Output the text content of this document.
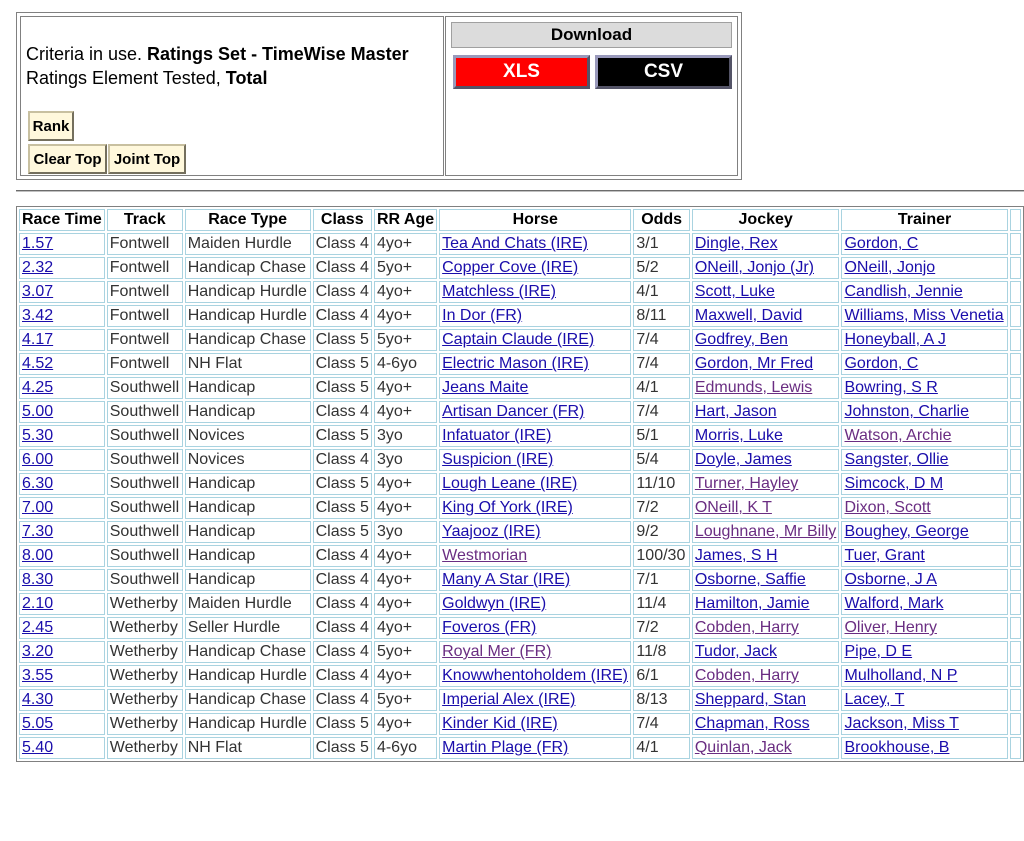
Criteria in use. Ratings Set - TimeWise Master
Ratings Element Tested, Total
Rank
Clear Top Joint Top
Download
XLS	CSV
Race Time	Track	Race Type	Class	RR Age	Horse	Odds	Jockey	Trainer	
1.57	Fontwell	Maiden Hurdle	Class 4	4yo+	Tea And Chats (IRE)	3/1	Dingle, Rex	Gordon, C	
2.32	Fontwell	Handicap Chase	Class 4	5yo+	Copper Cove (IRE)	5/2	ONeill, Jonjo (Jr)	ONeill, Jonjo	
3.07	Fontwell	Handicap Hurdle	Class 4	4yo+	Matchless (IRE)	4/1	Scott, Luke	Candlish, Jennie	
3.42	Fontwell	Handicap Hurdle	Class 4	4yo+	In Dor (FR)	8/11	Maxwell, David	Williams, Miss Venetia	
4.17	Fontwell	Handicap Chase	Class 5	5yo+	Captain Claude (IRE)	7/4	Godfrey, Ben	Honeyball, A J	
4.52	Fontwell	NH Flat	Class 5	4-6yo	Electric Mason (IRE)	7/4	Gordon, Mr Fred	Gordon, C	
4.25	Southwell	Handicap	Class 5	4yo+	Jeans Maite	4/1	Edmunds, Lewis	Bowring, S R	
5.00	Southwell	Handicap	Class 4	4yo+	Artisan Dancer (FR)	7/4	Hart, Jason	Johnston, Charlie	
5.30	Southwell	Novices	Class 5	3yo	Infatuator (IRE)	5/1	Morris, Luke	Watson, Archie	
6.00	Southwell	Novices	Class 4	3yo	Suspicion (IRE)	5/4	Doyle, James	Sangster, Ollie	
6.30	Southwell	Handicap	Class 5	4yo+	Lough Leane (IRE)	11/10	Turner, Hayley	Simcock, D M	
7.00	Southwell	Handicap	Class 5	4yo+	King Of York (IRE)	7/2	ONeill, K T	Dixon, Scott	
7.30	Southwell	Handicap	Class 5	3yo	Yaajooz (IRE)	9/2	Loughnane, Mr Billy	Boughey, George	
8.00	Southwell	Handicap	Class 4	4yo+	Westmorian	100/30	James, S H	Tuer, Grant	
8.30	Southwell	Handicap	Class 4	4yo+	Many A Star (IRE)	7/1	Osborne, Saffie	Osborne, J A	
2.10	Wetherby	Maiden Hurdle	Class 4	4yo+	Goldwyn (IRE)	11/4	Hamilton, Jamie	Walford, Mark	
2.45	Wetherby	Seller Hurdle	Class 4	4yo+	Foveros (FR)	7/2	Cobden, Harry	Oliver, Henry	
3.20	Wetherby	Handicap Chase	Class 4	5yo+	Royal Mer (FR)	11/8	Tudor, Jack	Pipe, D E	
3.55	Wetherby	Handicap Hurdle	Class 4	4yo+	Knowwhentoholdem (IRE)	6/1	Cobden, Harry	Mulholland, N P	
4.30	Wetherby	Handicap Chase	Class 4	5yo+	Imperial Alex (IRE)	8/13	Sheppard, Stan	Lacey, T	
5.05	Wetherby	Handicap Hurdle	Class 5	4yo+	Kinder Kid (IRE)	7/4	Chapman, Ross	Jackson, Miss T	
5.40	Wetherby	NH Flat	Class 5	4-6yo	Martin Plage (FR)	4/1	Quinlan, Jack	Brookhouse, B	
